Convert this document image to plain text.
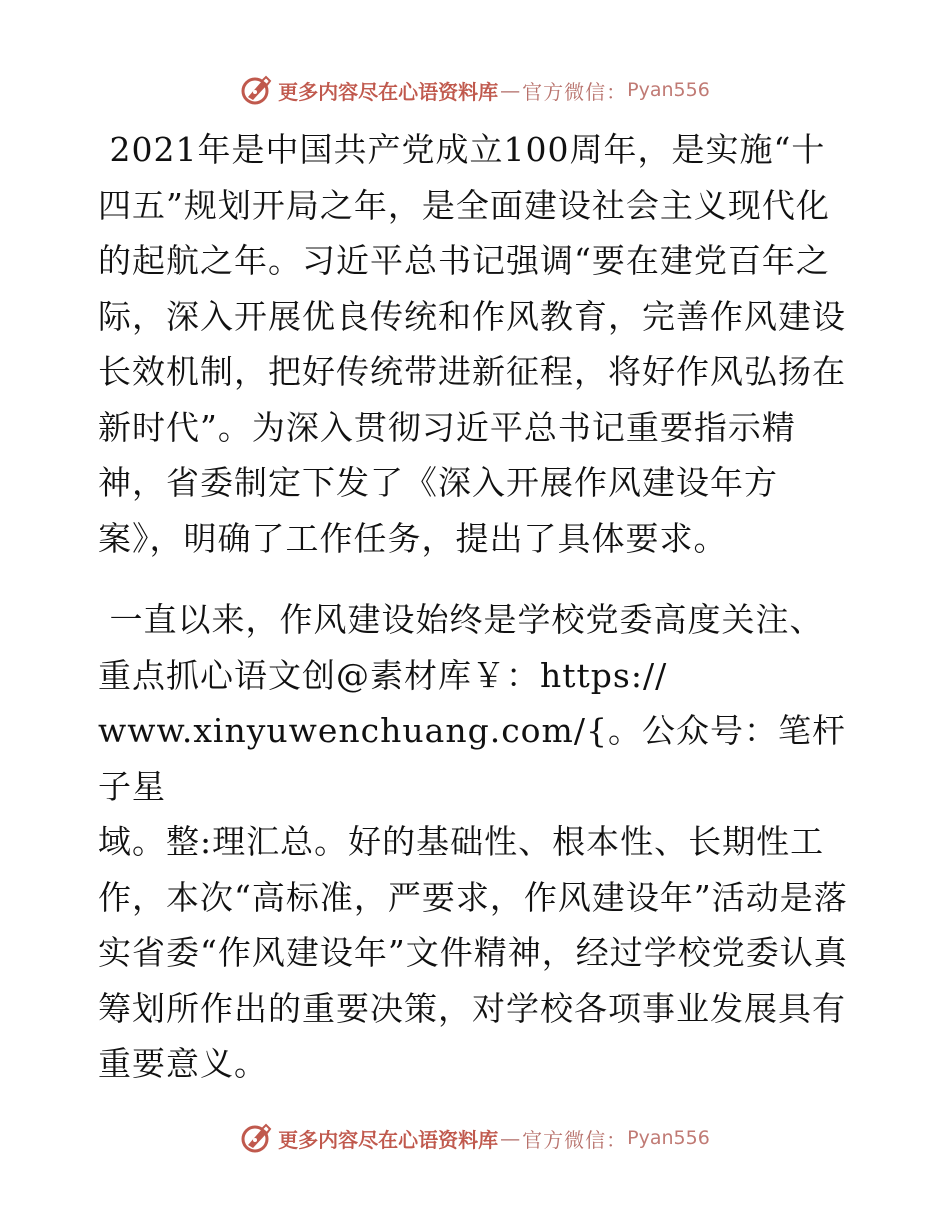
更多内容尽在心语资料库 — 官方微信： Pyan556

2021年是中国共产党成立100周年，是实施“十四五”规划开局之年，是全面建设社会主义现代化的起航之年。习近平总书记强调“要在建党百年之际，深入开展优良传统和作风教育，完善作风建设长效机制，把好传统带进新征程，将好作风弘扬在新时代”。为深入贯彻习近平总书记重要指示精神，省委制定下发了《深入开展作风建设年方
案》，明确了工作任务，提出了具体要求。

一直以来，作风建设始终是学校党委高度关注、
重点抓心语文创@素材库￥：https://
www.xinyuwenchuang.com/{。公众号：笔杆子星
域。整:理汇总。好的基础性、根本性、长期性工作，本次“高标准，严要求，作风建设年”活动是落实省委“作风建设年”文件精神，经过学校党委认真筹划所作出的重要决策，对学校各项事业发展具有重要意义。

更多内容尽在心语资料库 — 官方微信： Pyan556
